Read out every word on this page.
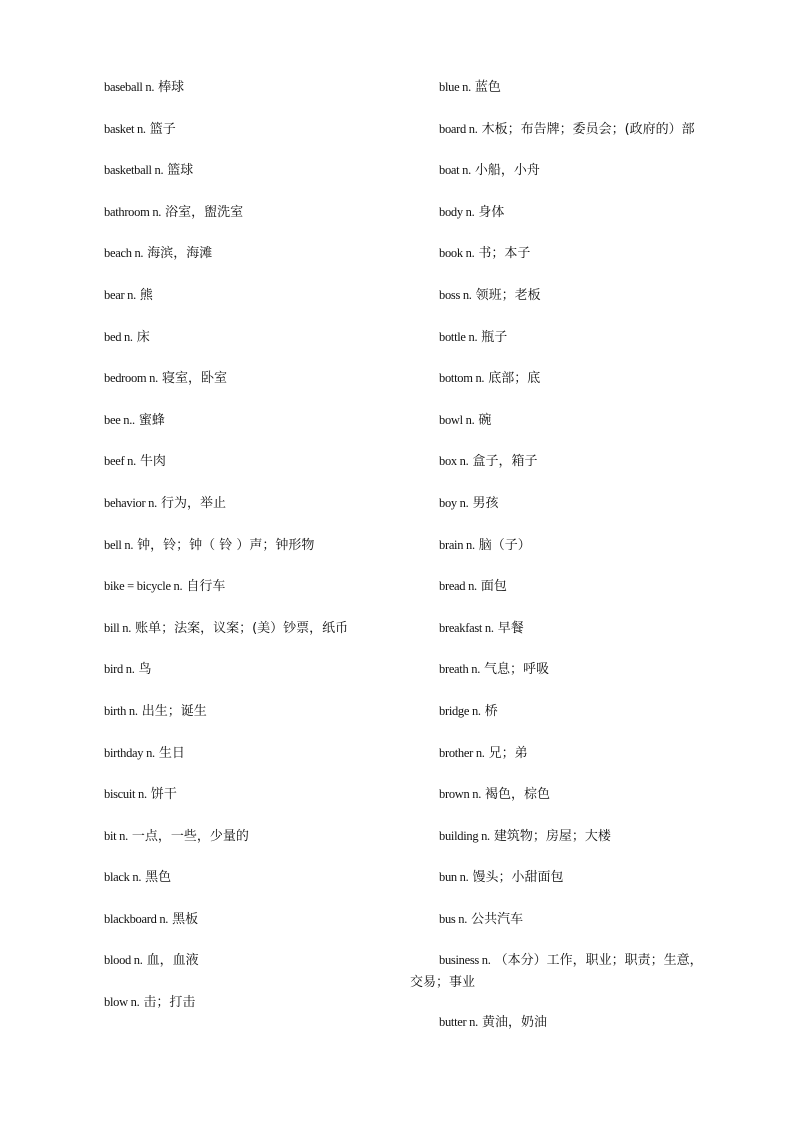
baseball n. 棒球
basket n. 篮子
basketball n. 篮球
bathroom n. 浴室，盥洗室
beach n. 海滨，海滩
bear n. 熊
bed n. 床
bedroom n. 寝室，卧室
bee n.. 蜜蜂
beef n. 牛肉
behavior n. 行为，举止
bell n. 钟，铃；钟（ 铃 ）声；钟形物
bike = bicycle n. 自行车
bill n. 账单；法案，议案；(美）钞票，纸币
bird n. 鸟
birth n. 出生；诞生
birthday n. 生日
biscuit n. 饼干
bit n. 一点，一些，少量的
black n. 黑色
blackboard n. 黑板
blood n. 血，血液
blow n. 击；打击
blue n. 蓝色
board n. 木板；布告牌；委员会；(政府的）部
boat n. 小船，小舟
body n. 身体
book n. 书；本子
boss n. 领班；老板
bottle n. 瓶子
bottom n. 底部；底
bowl n. 碗
box n. 盒子，箱子
boy n. 男孩
brain n. 脑（子）
bread n. 面包
breakfast n. 早餐
breath n. 气息；呼吸
bridge n. 桥
brother n. 兄；弟
brown n. 褐色，棕色
building n. 建筑物；房屋；大楼
bun n. 馒头；小甜面包
bus n. 公共汽车
business n. （本分）工作，职业；职责；生意，
交易；事业
butter n. 黄油，奶油
